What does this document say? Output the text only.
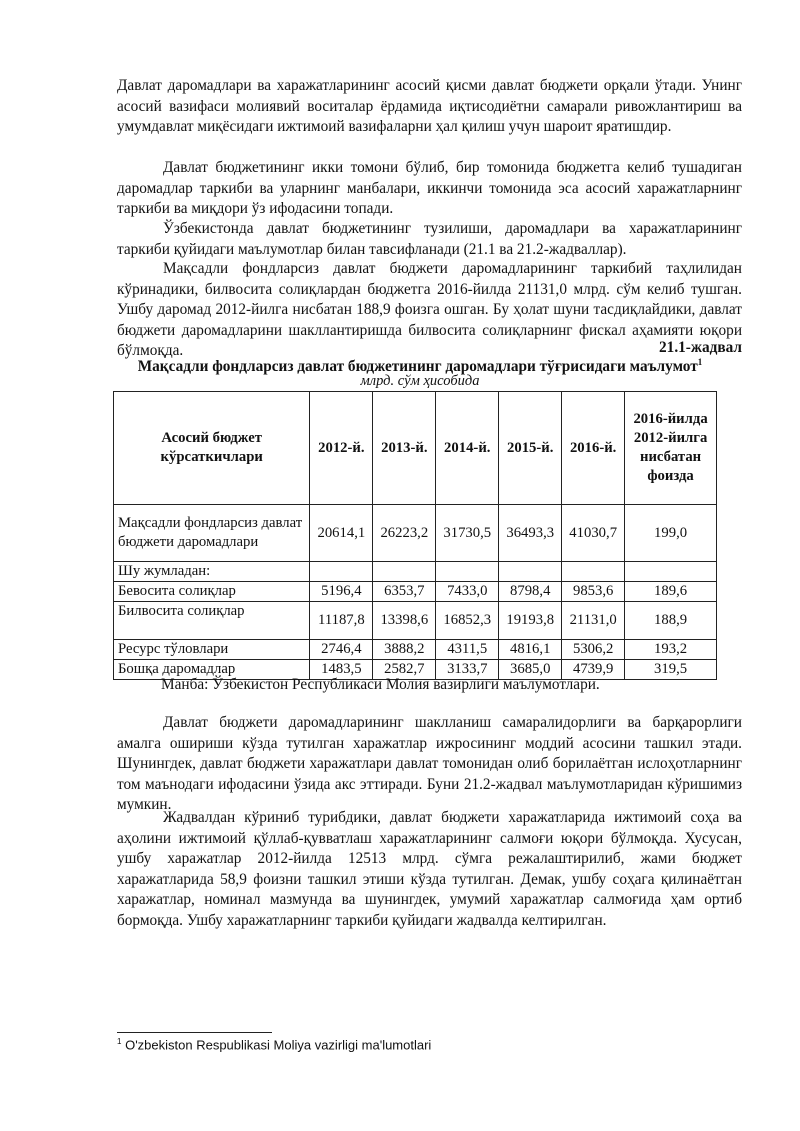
Давлат даромадлари ва харажатларининг асосий қисми давлат бюджети орқали ўтади. Унинг асосий вазифаси молиявий воситалар ёрдамида иқтисодиётни самарали ривожлантириш ва умумдавлат миқёсидаги ижтимоий вазифаларни ҳал қилиш учун шароит яратишдир.

Давлат бюджетининг икки томони бўлиб, бир томонида бюджетга келиб тушадиган даромадлар таркиби ва уларнинг манбалари, иккинчи томонида эса асосий харажатларнинг таркиби ва миқдори ўз ифодасини топади.

Ўзбекистонда давлат бюджетининг тузилиши, даромадлари ва харажатларининг таркиби қуйидаги маълумотлар билан тавсифланади (21.1 ва 21.2-жадваллар).

Мақсадли фондларсиз давлат бюджети даромадларининг таркибий таҳлилидан кўринадики, билвосита солиқлардан бюджетга 2016-йилда 21131,0 млрд. сўм келиб тушган. Ушбу даромад 2012-йилга нисбатан 188,9 фоизга ошган. Бу ҳолат шуни тасдиқлайдики, давлат бюджети даромадларини шакллантиришда билвосита солиқларнинг фискал аҳамияти юқори бўлмоқда.	21.1-жадвал
Мақсадли фондларсиз давлат бюджетининг даромадлари тўғрисидаги маълумот$^1$
млрд. сўм ҳисобида
Асосий бюджет кўрсаткичлари	2012-й.	2013-й.	2014-й.	2015-й.	2016-й.	2016-йилда 2012-йилга нисбатан фоизда
Мақсадли фондларсиз давлат бюджети даромадлари	20614,1	26223,2	31730,5	36493,3	41030,7	199,0
Шу жумладан:						
Бевосита солиқлар	5196,4	6353,7	7433,0	8798,4	9853,6	189,6
Билвосита солиқлар	11187,8	13398,6	16852,3	19193,8	21131,0	188,9
Ресурс тўловлари	2746,4	3888,2	4311,5	4816,1	5306,2	193,2
Бошқа даромадлар	1483,5	2582,7	3133,7	3685,0	4739,9	319,5
Манба: Ўзбекистон Республикаси Молия вазирлиги маълумотлари.

Давлат бюджети даромадларининг шаклланиш самаралидорлиги ва барқарорлиги амалга ошириши кўзда тутилган харажатлар ижросининг моддий асосини ташкил этади. Шунингдек, давлат бюджети харажатлари давлат томонидан олиб борилаётган ислоҳотларнинг том маънодаги ифодасини ўзида акс эттиради. Буни 21.2-жадвал маълумотларидан кўришимиз мумкин.

Жадвалдан кўриниб турибдики, давлат бюджети харажатларида ижтимоий соҳа ва аҳолини ижтимоий қўллаб-қувватлаш харажатларининг салмоғи юқори бўлмоқда. Хусусан, ушбу харажатлар 2012-йилда 12513 млрд. сўмга режалаштирилиб, жами бюджет харажатларида 58,9 фоизни ташкил этиши кўзда тутилган. Демак, ушбу соҳага қилинаётган харажатлар, номинал мазмунда ва шунингдек, умумий харажатлар салмоғида ҳам ортиб бормоқда. Ушбу харажатларнинг таркиби қуйидаги жадвалда келтирилган.

$^1$ O'zbekiston Respublikasi Moliya vazirligi ma'lumotlari
